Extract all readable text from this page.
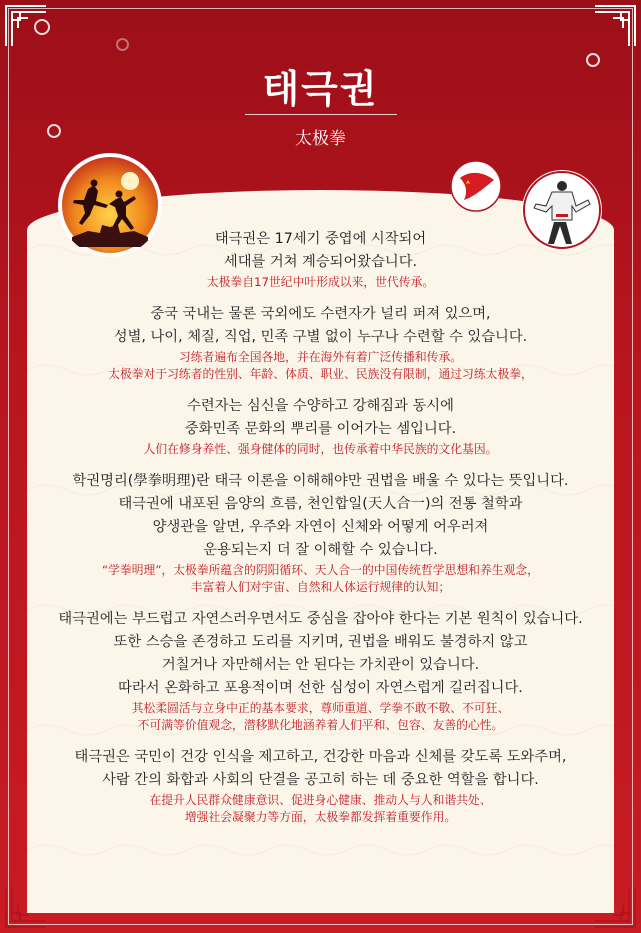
태극권
太极拳
태극권은 17세기 중엽에 시작되어
세대를 거쳐 계승되어왔습니다.
太极拳自17世纪中叶形成以来，世代传承。
중국 국내는 물론 국외에도 수련자가 널리 퍼져 있으며,
성별, 나이, 체질, 직업, 민족 구별 없이 누구나 수련할 수 있습니다.
习练者遍布全国各地，并在海外有着广泛传播和传承。
太极拳对于习练者的性别、年龄、体质、职业、民族没有限制，通过习练太极拳，
수련자는 심신을 수양하고 강해짐과 동시에
중화민족 문화의 뿌리를 이어가는 셈입니다.
人们在修身养性、强身健体的同时，也传承着中华民族的文化基因。
학권명리(學拳明理)란 태극 이론을 이해해야만 권법을 배울 수 있다는 뜻입니다.
태극권에 내포된 음양의 흐름, 천인합일(天人合一)의 전통 철학과
양생관을 알면, 우주와 자연이 신체와 어떻게 어우러져
운용되는지 더 잘 이해할 수 있습니다.
“学拳明理”，太极拳所蕴含的阴阳循环、天人合一的中国传统哲学思想和养生观念，
丰富着人们对宇宙、自然和人体运行规律的认知；
태극권에는 부드럽고 자연스러우면서도 중심을 잡아야 한다는 기본 원칙이 있습니다.
또한 스승을 존경하고 도리를 지키며, 권법을 배워도 불경하지 않고
거칠거나 자만해서는 안 된다는 가치관이 있습니다.
따라서 온화하고 포용적이며 선한 심성이 자연스럽게 길러집니다.
其松柔圆活与立身中正的基本要求，尊师重道、学拳不敢不敬、不可狂、
不可满等价值观念，潜移默化地涵养着人们平和、包容、友善的心性。
태극권은 국민이 건강 인식을 제고하고, 건강한 마음과 신체를 갖도록 도와주며,
사람 간의 화합과 사회의 단결을 공고히 하는 데 중요한 역할을 합니다.
在提升人民群众健康意识、促进身心健康、推动人与人和谐共处、
增强社会凝聚力等方面，太极拳都发挥着重要作用。
